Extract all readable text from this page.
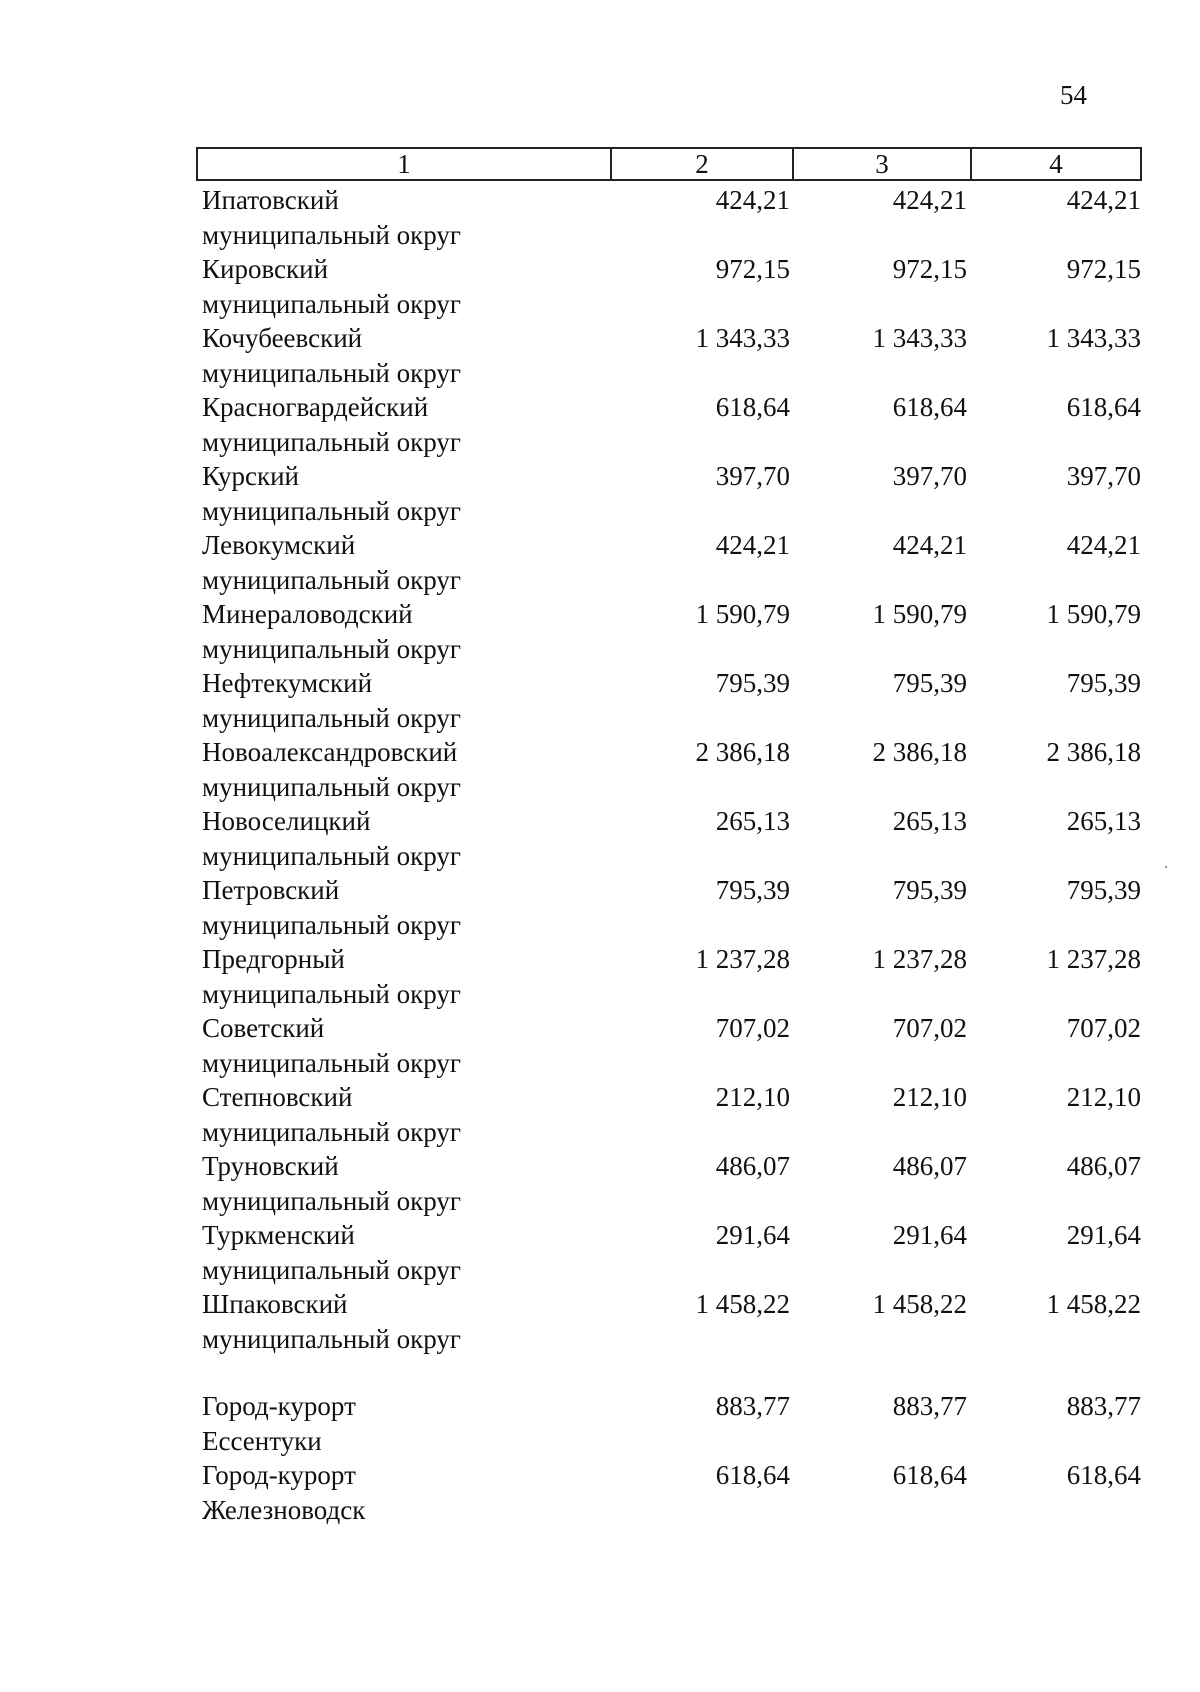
54
1	2	3	4
Ипатовский
муниципальный округ
424,21	424,21	424,21
Кировский
муниципальный округ
972,15	972,15	972,15
Кочубеевский
муниципальный округ
1 343,33	1 343,33	1 343,33
Красногвардейский
муниципальный округ
618,64	618,64	618,64
Курский
муниципальный округ
397,70	397,70	397,70
Левокумский
муниципальный округ
424,21	424,21	424,21
Минераловодский
муниципальный округ
1 590,79	1 590,79	1 590,79
Нефтекумский
муниципальный округ
795,39	795,39	795,39
Новоалександровский
муниципальный округ
2 386,18	2 386,18	2 386,18
Новоселицкий
муниципальный округ
265,13	265,13	265,13
Петровский
муниципальный округ
795,39	795,39	795,39
Предгорный
муниципальный округ
1 237,28	1 237,28	1 237,28
Советский
муниципальный округ
707,02	707,02	707,02
Степновский
муниципальный округ
212,10	212,10	212,10
Труновский
муниципальный округ
486,07	486,07	486,07
Туркменский
муниципальный округ
291,64	291,64	291,64
Шпаковский
муниципальный округ
1 458,22	1 458,22	1 458,22
Город-курорт
Ессентуки
883,77	883,77	883,77
Город-курорт
Железноводск
618,64	618,64	618,64
